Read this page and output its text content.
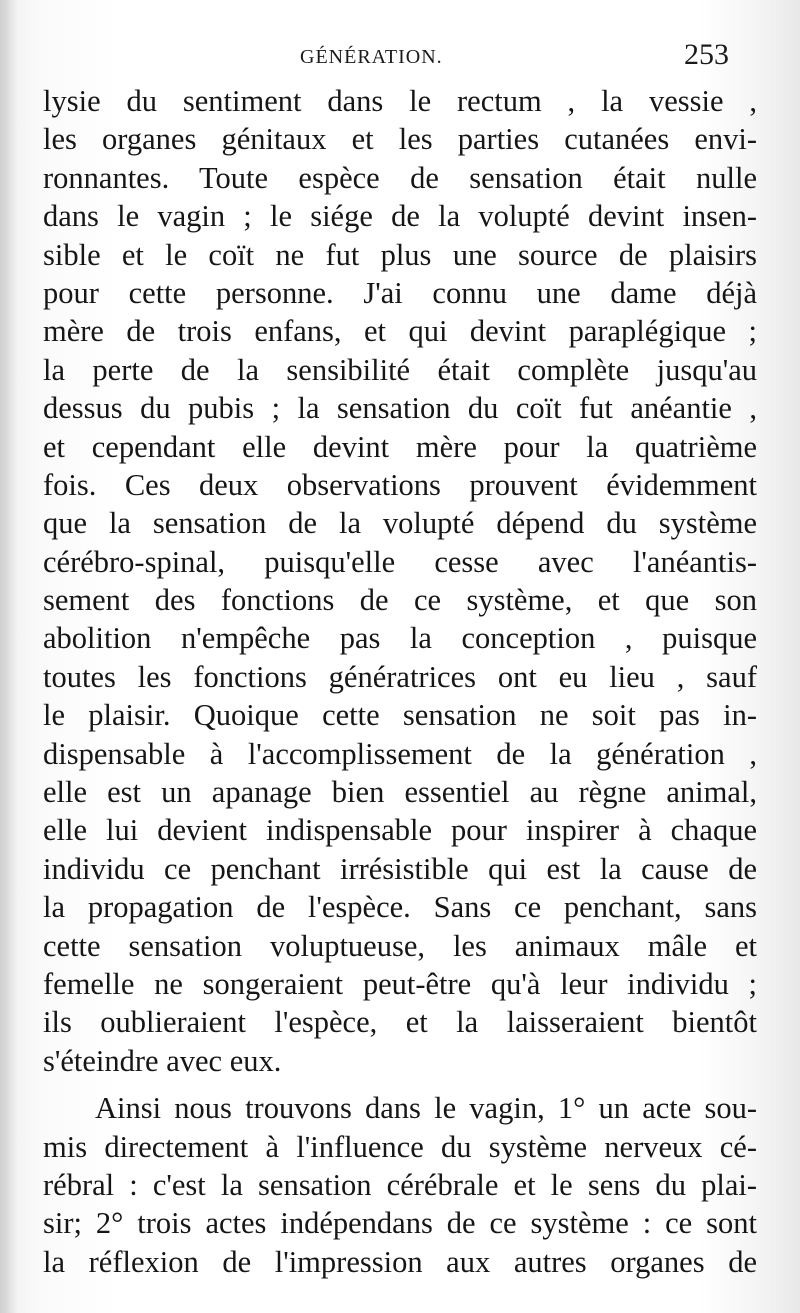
GÉNÉRATION.	253
lysie du sentiment dans le rectum , la vessie ,
les organes génitaux et les parties cutanées envi-
ronnantes. Toute espèce de sensation était nulle
dans le vagin ; le siége de la volupté devint insen-
sible et le coït ne fut plus une source de plaisirs
pour cette personne. J'ai connu une dame déjà
mère de trois enfans, et qui devint paraplégique ;
la perte de la sensibilité était complète jusqu'au
dessus du pubis ; la sensation du coït fut anéantie ,
et cependant elle devint mère pour la quatrième
fois. Ces deux observations prouvent évidemment
que la sensation de la volupté dépend du système
cérébro-spinal, puisqu'elle cesse avec l'anéantis-
sement des fonctions de ce système, et que son
abolition n'empêche pas la conception , puisque
toutes les fonctions génératrices ont eu lieu , sauf
le plaisir. Quoique cette sensation ne soit pas in-
dispensable à l'accomplissement de la génération ,
elle est un apanage bien essentiel au règne animal,
elle lui devient indispensable pour inspirer à chaque
individu ce penchant irrésistible qui est la cause de
la propagation de l'espèce. Sans ce penchant, sans
cette sensation voluptueuse, les animaux mâle et
femelle ne songeraient peut-être qu'à leur individu ;
ils oublieraient l'espèce, et la laisseraient bientôt
s'éteindre avec eux.
Ainsi nous trouvons dans le vagin, 1° un acte sou-
mis directement à l'influence du système nerveux cé-
rébral : c'est la sensation cérébrale et le sens du plai-
sir; 2° trois actes indépendans de ce système : ce sont
la réflexion de l'impression aux autres organes de
